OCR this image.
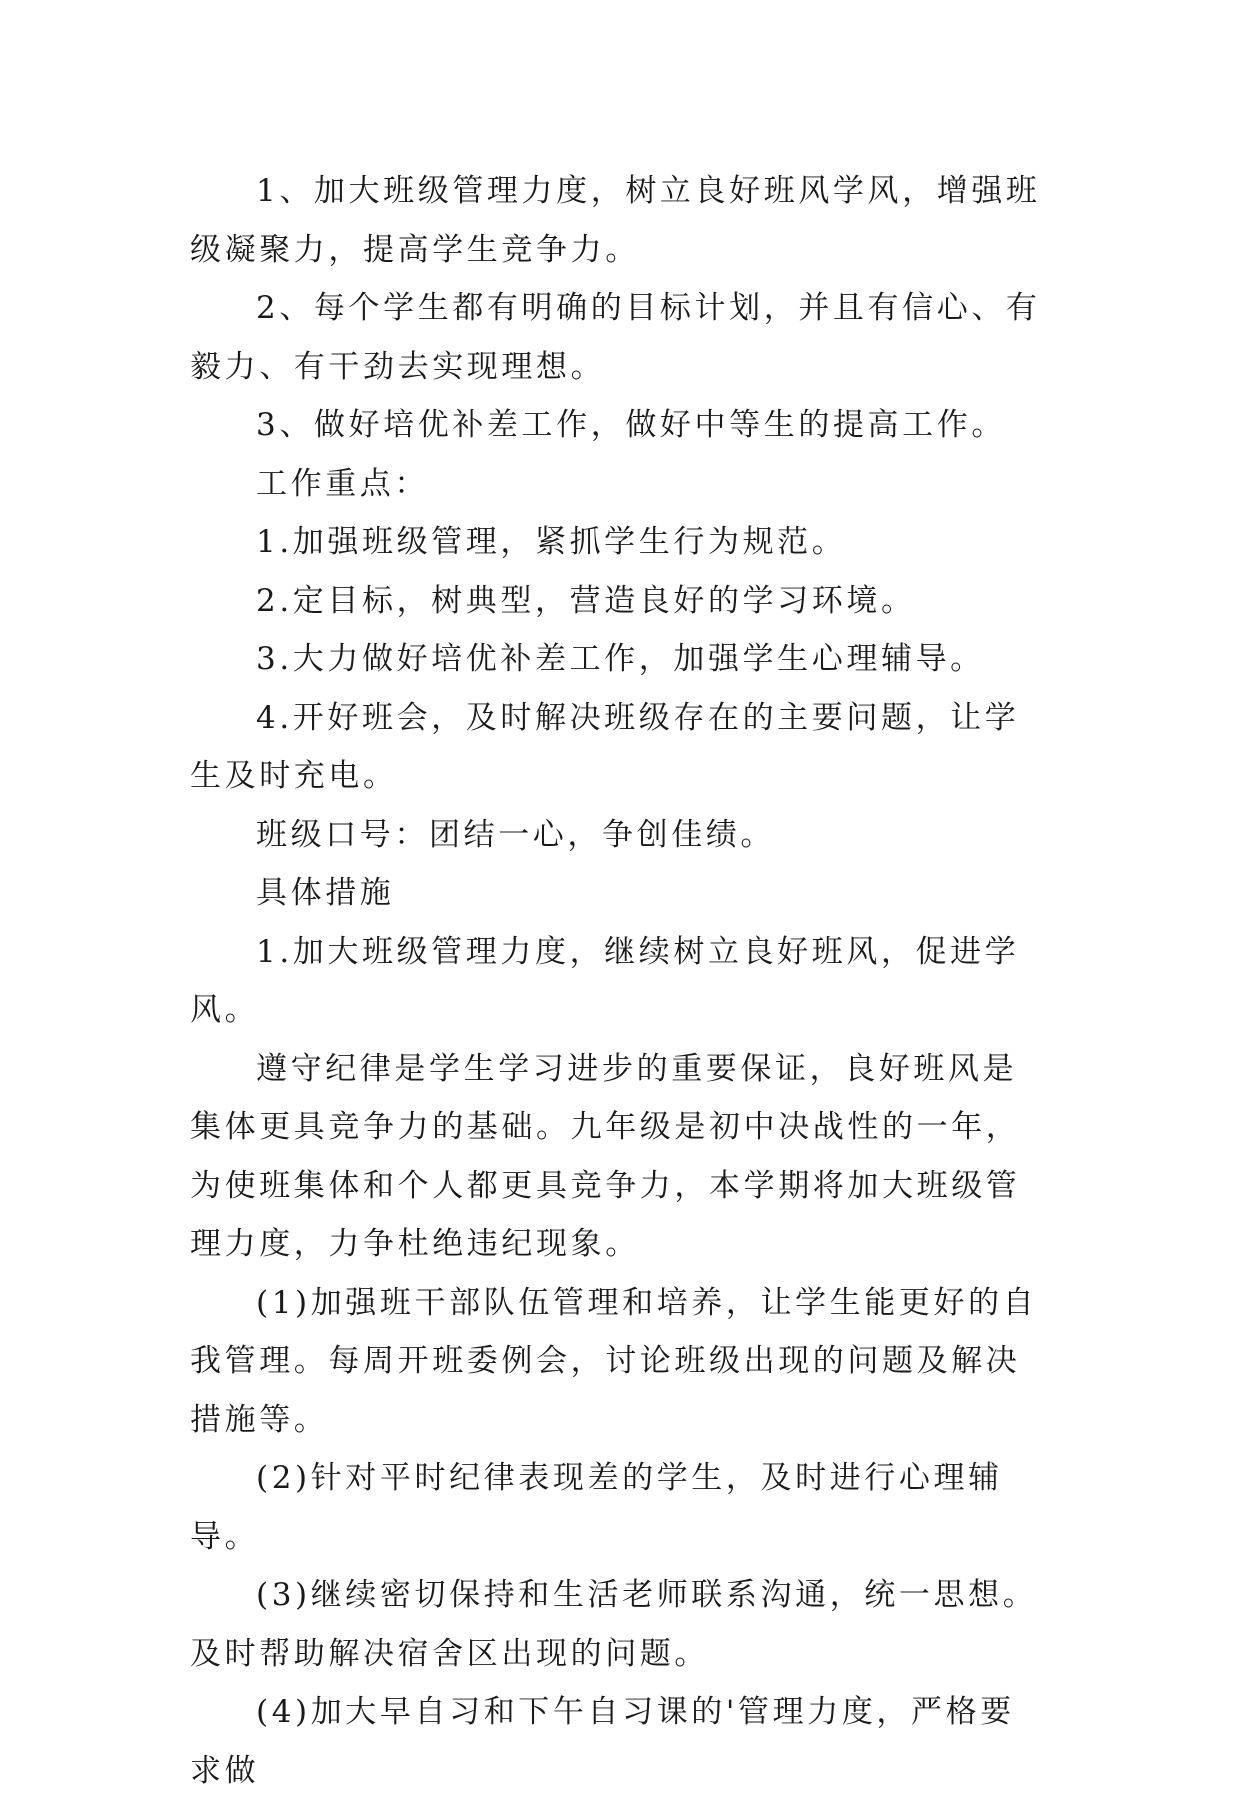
1、加大班级管理力度，树立良好班风学风，增强班级凝聚力，提高学生竞争力。

2、每个学生都有明确的目标计划，并且有信心、有毅力、有干劲去实现理想。

3、做好培优补差工作，做好中等生的提高工作。

工作重点：

1.加强班级管理，紧抓学生行为规范。

2.定目标，树典型，营造良好的学习环境。

3.大力做好培优补差工作，加强学生心理辅导。

4.开好班会，及时解决班级存在的主要问题，让学生及时充电。

班级口号：团结一心，争创佳绩。

具体措施

1.加大班级管理力度，继续树立良好班风，促进学风。

遵守纪律是学生学习进步的重要保证，良好班风是集体更具竞争力的基础。九年级是初中决战性的一年，为使班集体和个人都更具竞争力，本学期将加大班级管理力度，力争杜绝违纪现象。

(1)加强班干部队伍管理和培养，让学生能更好的自我管理。每周开班委例会，讨论班级出现的问题及解决措施等。

(2)针对平时纪律表现差的学生，及时进行心理辅导。

(3)继续密切保持和生活老师联系沟通，统一思想。及时帮助解决宿舍区出现的问题。

(4)加大早自习和下午自习课的'管理力度，严格要求做
